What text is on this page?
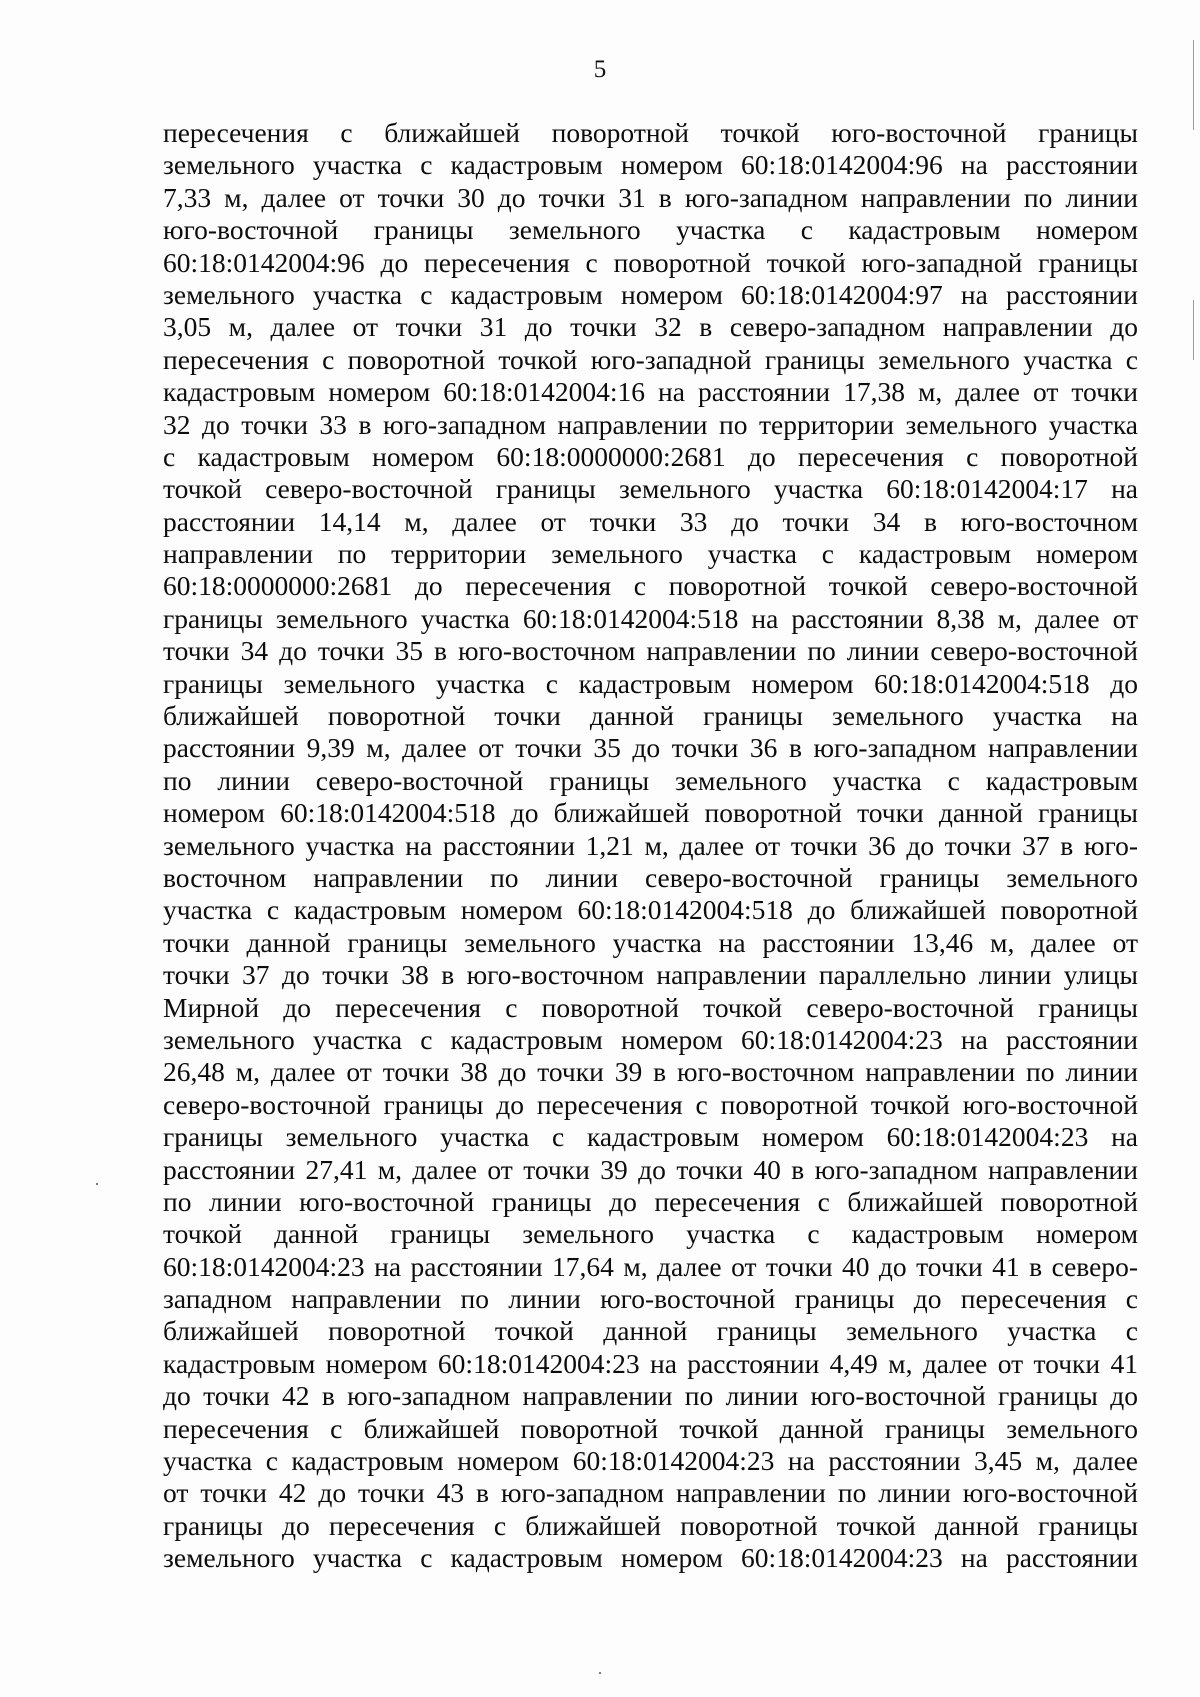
5
пересечения с ближайшей поворотной точкой юго-восточной границы
земельного участка с кадастровым номером 60:18:0142004:96 на расстоянии
7,33 м, далее от точки 30 до точки 31 в юго-западном направлении по линии
юго-восточной границы земельного участка с кадастровым номером
60:18:0142004:96 до пересечения с поворотной точкой юго-западной границы
земельного участка с кадастровым номером 60:18:0142004:97 на расстоянии
3,05 м, далее от точки 31 до точки 32 в северо-западном направлении до
пересечения с поворотной точкой юго-западной границы земельного участка с
кадастровым номером 60:18:0142004:16 на расстоянии 17,38 м, далее от точки
32 до точки 33 в юго-западном направлении по территории земельного участка
с кадастровым номером 60:18:0000000:2681 до пересечения с поворотной
точкой северо-восточной границы земельного участка 60:18:0142004:17 на
расстоянии 14,14 м, далее от точки 33 до точки 34 в юго-восточном
направлении по территории земельного участка с кадастровым номером
60:18:0000000:2681 до пересечения с поворотной точкой северо-восточной
границы земельного участка 60:18:0142004:518 на расстоянии 8,38 м, далее от
точки 34 до точки 35 в юго-восточном направлении по линии северо-восточной
границы земельного участка с кадастровым номером 60:18:0142004:518 до
ближайшей поворотной точки данной границы земельного участка на
расстоянии 9,39 м, далее от точки 35 до точки 36 в юго-западном направлении
по линии северо-восточной границы земельного участка с кадастровым
номером 60:18:0142004:518 до ближайшей поворотной точки данной границы
земельного участка на расстоянии 1,21 м, далее от точки 36 до точки 37 в юго-
восточном направлении по линии северо-восточной границы земельного
участка с кадастровым номером 60:18:0142004:518 до ближайшей поворотной
точки данной границы земельного участка на расстоянии 13,46 м, далее от
точки 37 до точки 38 в юго-восточном направлении параллельно линии улицы
Мирной до пересечения с поворотной точкой северо-восточной границы
земельного участка с кадастровым номером 60:18:0142004:23 на расстоянии
26,48 м, далее от точки 38 до точки 39 в юго-восточном направлении по линии
северо-восточной границы до пересечения с поворотной точкой юго-восточной
границы земельного участка с кадастровым номером 60:18:0142004:23 на
расстоянии 27,41 м, далее от точки 39 до точки 40 в юго-западном направлении
по линии юго-восточной границы до пересечения с ближайшей поворотной
точкой данной границы земельного участка с кадастровым номером
60:18:0142004:23 на расстоянии 17,64 м, далее от точки 40 до точки 41 в северо-
западном направлении по линии юго-восточной границы до пересечения с
ближайшей поворотной точкой данной границы земельного участка с
кадастровым номером 60:18:0142004:23 на расстоянии 4,49 м, далее от точки 41
до точки 42 в юго-западном направлении по линии юго-восточной границы до
пересечения с ближайшей поворотной точкой данной границы земельного
участка с кадастровым номером 60:18:0142004:23 на расстоянии 3,45 м, далее
от точки 42 до точки 43 в юго-западном направлении по линии юго-восточной
границы до пересечения с ближайшей поворотной точкой данной границы
земельного участка с кадастровым номером 60:18:0142004:23 на расстоянии
